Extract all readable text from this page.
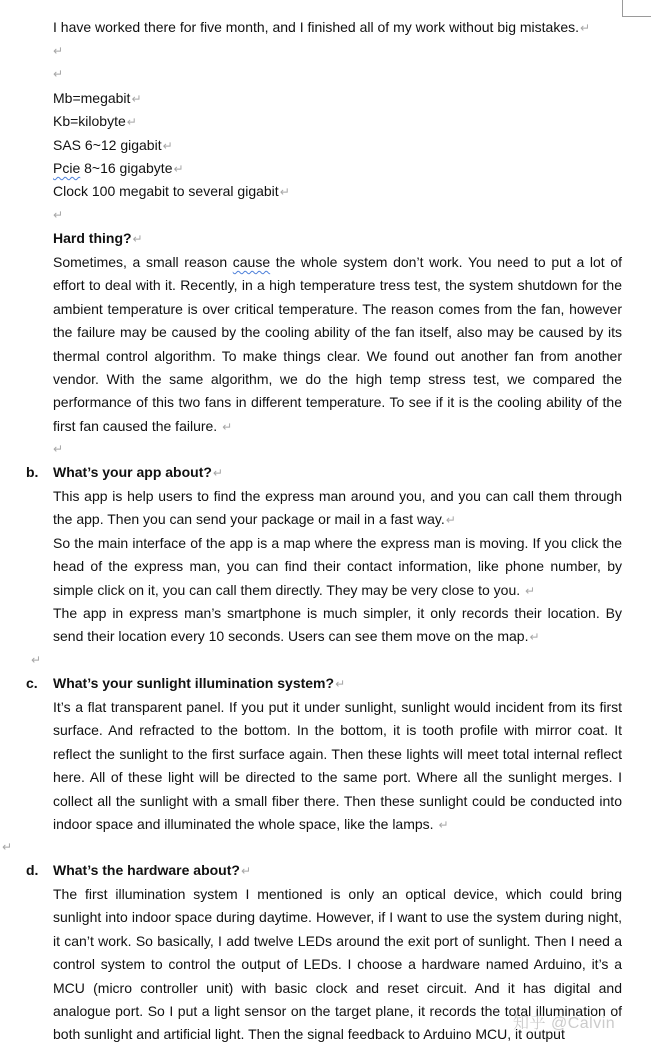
I have worked there for five month, and I finished all of my work without big mistakes.↵
↵
↵
Mb=megabit↵
Kb=kilobyte↵
SAS 6~12 gigabit↵
Pcie 8~16 gigabyte↵
Clock 100 megabit to several gigabit↵
↵
Hard thing?↵
Sometimes, a small reason cause the whole system don’t work. You need to put a lot of effort to deal with it. Recently, in a high temperature tress test, the system shutdown for the ambient temperature is over critical temperature. The reason comes from the fan, however the failure may be caused by the cooling ability of the fan itself, also may be caused by its thermal control algorithm. To make things clear. We found out another fan from another vendor. With the same algorithm, we do the high temp stress test, we compared the performance of this two fans in different temperature. To see if it is the cooling ability of the first fan caused the failure. ↵
↵
b. What’s your app about?↵
This app is help users to find the express man around you, and you can call them through the app. Then you can send your package or mail in a fast way.↵
So the main interface of the app is a map where the express man is moving. If you click the head of the express man, you can find their contact information, like phone number, by simple click on it, you can call them directly. They may be very close to you. ↵
The app in express man’s smartphone is much simpler, it only records their location. By send their location every 10 seconds. Users can see them move on the map.↵
↵
c. What’s your sunlight illumination system?↵
It’s a flat transparent panel. If you put it under sunlight, sunlight would incident from its first surface. And refracted to the bottom. In the bottom, it is tooth profile with mirror coat. It reflect the sunlight to the first surface again. Then these lights will meet total internal reflect here. All of these light will be directed to the same port. Where all the sunlight merges. I collect all the sunlight with a small fiber there. Then these sunlight could be conducted into indoor space and illuminated the whole space, like the lamps. ↵
↵
d. What’s the hardware about?↵
The first illumination system I mentioned is only an optical device, which could bring sunlight into indoor space during daytime. However, if I want to use the system during night, it can’t work. So basically, I add twelve LEDs around the exit port of sunlight. Then I need a control system to control the output of LEDs. I choose a hardware named Arduino, it’s a MCU (micro controller unit) with basic clock and reset circuit. And it has digital and analogue port. So I put a light sensor on the target plane, it records the total illumination of both sunlight and artificial light. Then the signal feedback to Arduino MCU, it output
知乎 @Calvin
